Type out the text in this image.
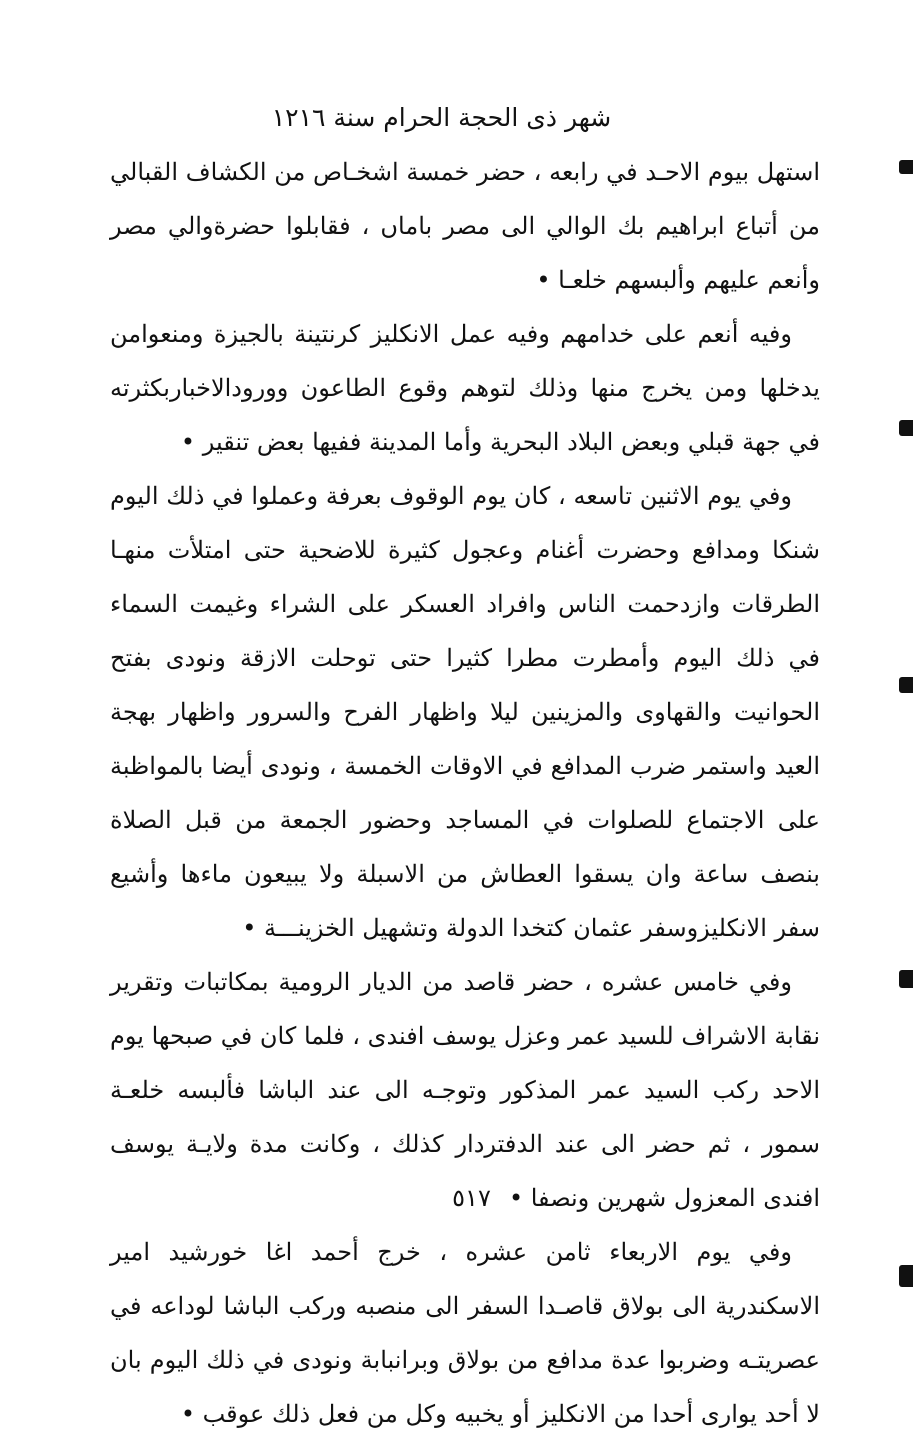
شهر ذى الحجة الحرام سنة ١٢١٦

استهل بيوم الاحـد في رابعه ، حضر خمسة اشخـاص من الكشاف القبالي من أتباع ابراهيم بك الوالي الى مصر باماں ، فقابلوا حضرةوالي مصر وأنعم عليهم وألبسهم خلعـا •

وفيه أنعم على خدامهم وفيه عمل الانكليز كرنتينة بالجيزة ومنعوامن يدخلها ومن يخرج منها وذلك لتوهم وقوع الطاعون وورودالاخباربكثرته في جهة قبلي وبعض البلاد البحرية وأما المدينة ففيها بعض تنقير •

وفي يوم الاثنين تاسعه ، كان يوم الوقوف بعرفة وعملوا في ذلك اليوم شنكا ومدافع وحضرت أغنام وعجول كثيرة للاضحية حتى امتلأت منهـا الطرقات وازدحمت الناس وافراد العسكر على الشراء وغيمت السماء في ذلك اليوم وأمطرت مطرا كثيرا حتى توحلت الازقة ونودى بفتح الحوانيت والقهاوى والمزينين ليلا واظهار الفرح والسرور واظهار بهجة العيد واستمر ضرب المدافع في الاوقات الخمسة ، ونودى أيضا بالمواظبة على الاجتماع للصلوات في المساجد وحضور الجمعة من قبل الصلاة بنصف ساعة وان يسقوا العطاش من الاسبلة ولا يبيعون ماءها وأشيع سفر الانكليزوسفر عثمان كتخدا الدولة وتشهيل الخزينـــة •

وفي خامس عشره ، حضر قاصد من الديار الرومية بمكاتبات وتقرير نقابة الاشراف للسيد عمر وعزل يوسف افندى ، فلما كان في صبحها يوم الاحد ركب السيد عمر المذكور وتوجـه الى عند الباشا فألبسه خلعـة سمور ، ثم حضر الى عند الدفتردار كذلك ، وكانت مدة ولايـة يوسف افندى المعزول شهرين ونصفا •

وفي يوم الاربعاء ثامن عشره ، خرج أحمد اغا خورشيد امير الاسكندرية الى بولاق قاصـدا السفر الى منصبه وركب الباشا لوداعه في عصريتـه وضربوا عدة مدافع من بولاق وبرانبابة ونودى في ذلك اليوم بان لا أحد يوارى أحدا من الانكليز أو يخبيه وكل من فعل ذلك عوقب •

٥١٧
